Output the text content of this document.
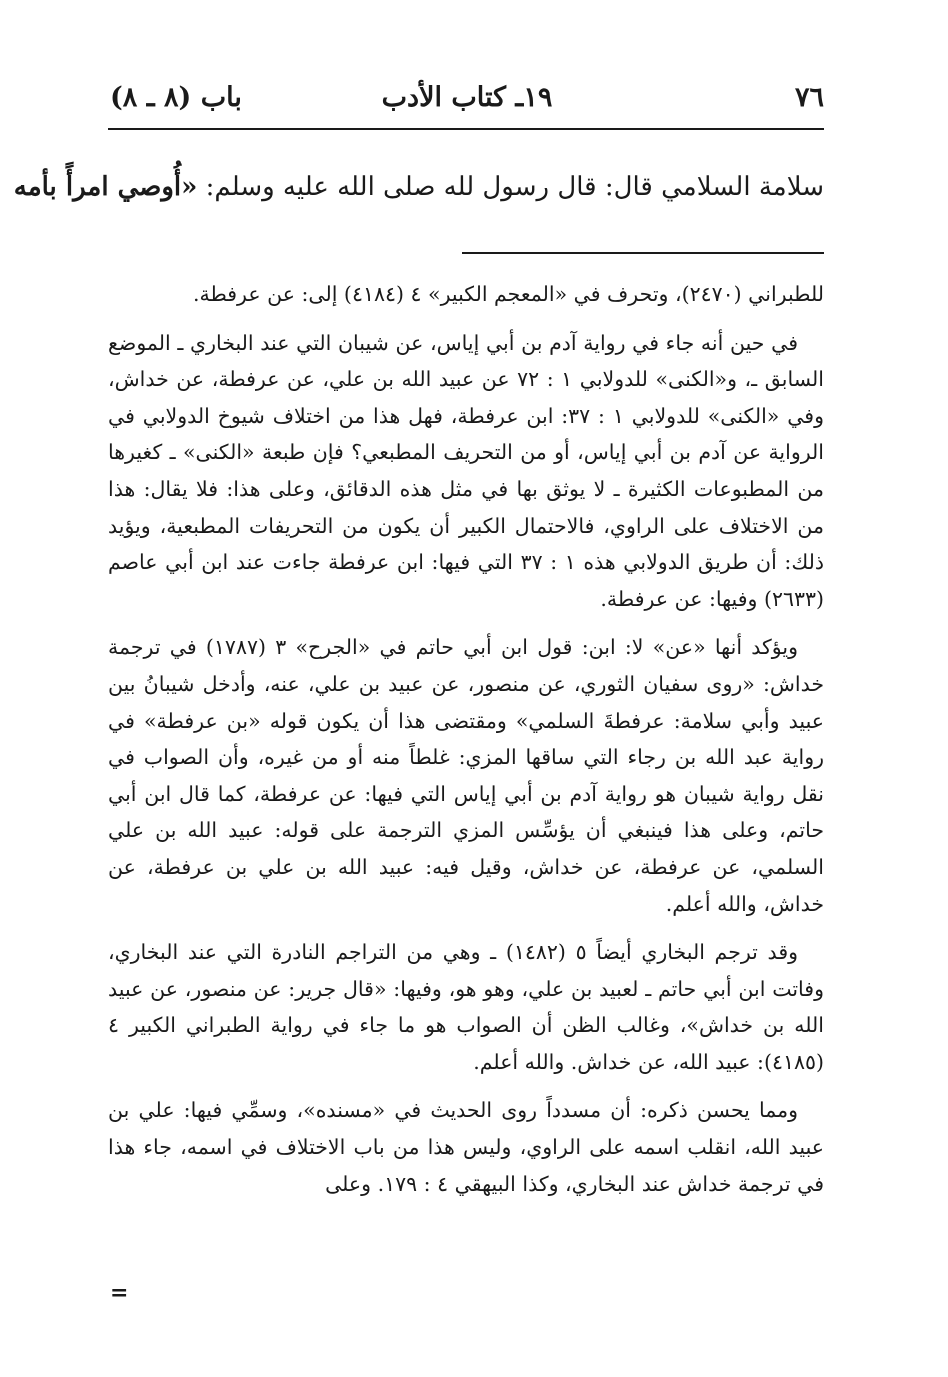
٧٦
١٩ـ كتاب الأدب
باب (٨ ـ ٨)
سلامة السلامي قال: قال رسول لله صلى الله عليه وسلم: «أُوصي امرأً بأمه

للطبراني (٢٤٧٠)، وتحرف في «المعجم الكبير» ٤ (٤١٨٤) إلى: عن عرفطة.

في حين أنه جاء في رواية آدم بن أبي إياس، عن شيبان التي عند البخاري ـ الموضع السابق ـ، و«الكنى» للدولابي ١ : ٧٢ عن عبيد الله بن علي، عن عرفطة، عن خداش، وفي «الكنى» للدولابي ١ : ٣٧: ابن عرفطة، فهل هذا من اختلاف شيوخ الدولابي في الرواية عن آدم بن أبي إياس، أو من التحريف المطبعي؟ فإن طبعة «الكنى» ـ كغيرها من المطبوعات الكثيرة ـ لا يوثق بها في مثل هذه الدقائق، وعلى هذا: فلا يقال: هذا من الاختلاف على الراوي، فالاحتمال الكبير أن يكون من التحريفات المطبعية، ويؤيد ذلك: أن طريق الدولابي هذه ١ : ٣٧ التي فيها: ابن عرفطة جاءت عند ابن أبي عاصم (٢٦٣٣) وفيها: عن عرفطة.

ويؤكد أنها «عن» لا: ابن: قول ابن أبي حاتم في «الجرح» ٣ (١٧٨٧) في ترجمة خداش: «روى سفيان الثوري، عن منصور، عن عبيد بن علي، عنه، وأدخل شيبانُ بين عبيد وأبي سلامة: عرفطةَ السلمي» ومقتضى هذا أن يكون قوله «بن عرفطة» في رواية عبد الله بن رجاء التي ساقها المزي: غلطاً منه أو من غيره، وأن الصواب في نقل رواية شيبان هو رواية آدم بن أبي إياس التي فيها: عن عرفطة، كما قال ابن أبي حاتم، وعلى هذا فينبغي أن يؤسِّس المزي الترجمة على قوله: عبيد الله بن علي السلمي، عن عرفطة، عن خداش، وقيل فيه: عبيد الله بن علي بن عرفطة، عن خداش، والله أعلم.

وقد ترجم البخاري أيضاً ٥ (١٤٨٢) ـ وهي من التراجم النادرة التي عند البخاري، وفاتت ابن أبي حاتم ـ لعبيد بن علي، وهو هو، وفيها: «قال جرير: عن منصور، عن عبيد الله بن خداش»، وغالب الظن أن الصواب هو ما جاء في رواية الطبراني الكبير ٤ (٤١٨٥): عبيد الله، عن خداش. والله أعلم.

ومما يحسن ذكره: أن مسدداً روى الحديث في «مسنده»، وسمِّي فيها: علي بن عبيد الله، انقلب اسمه على الراوي، وليس هذا من باب الاختلاف في اسمه، جاء هذا في ترجمة خداش عند البخاري، وكذا البيهقي ٤ : ١٧٩. وعلى

=
